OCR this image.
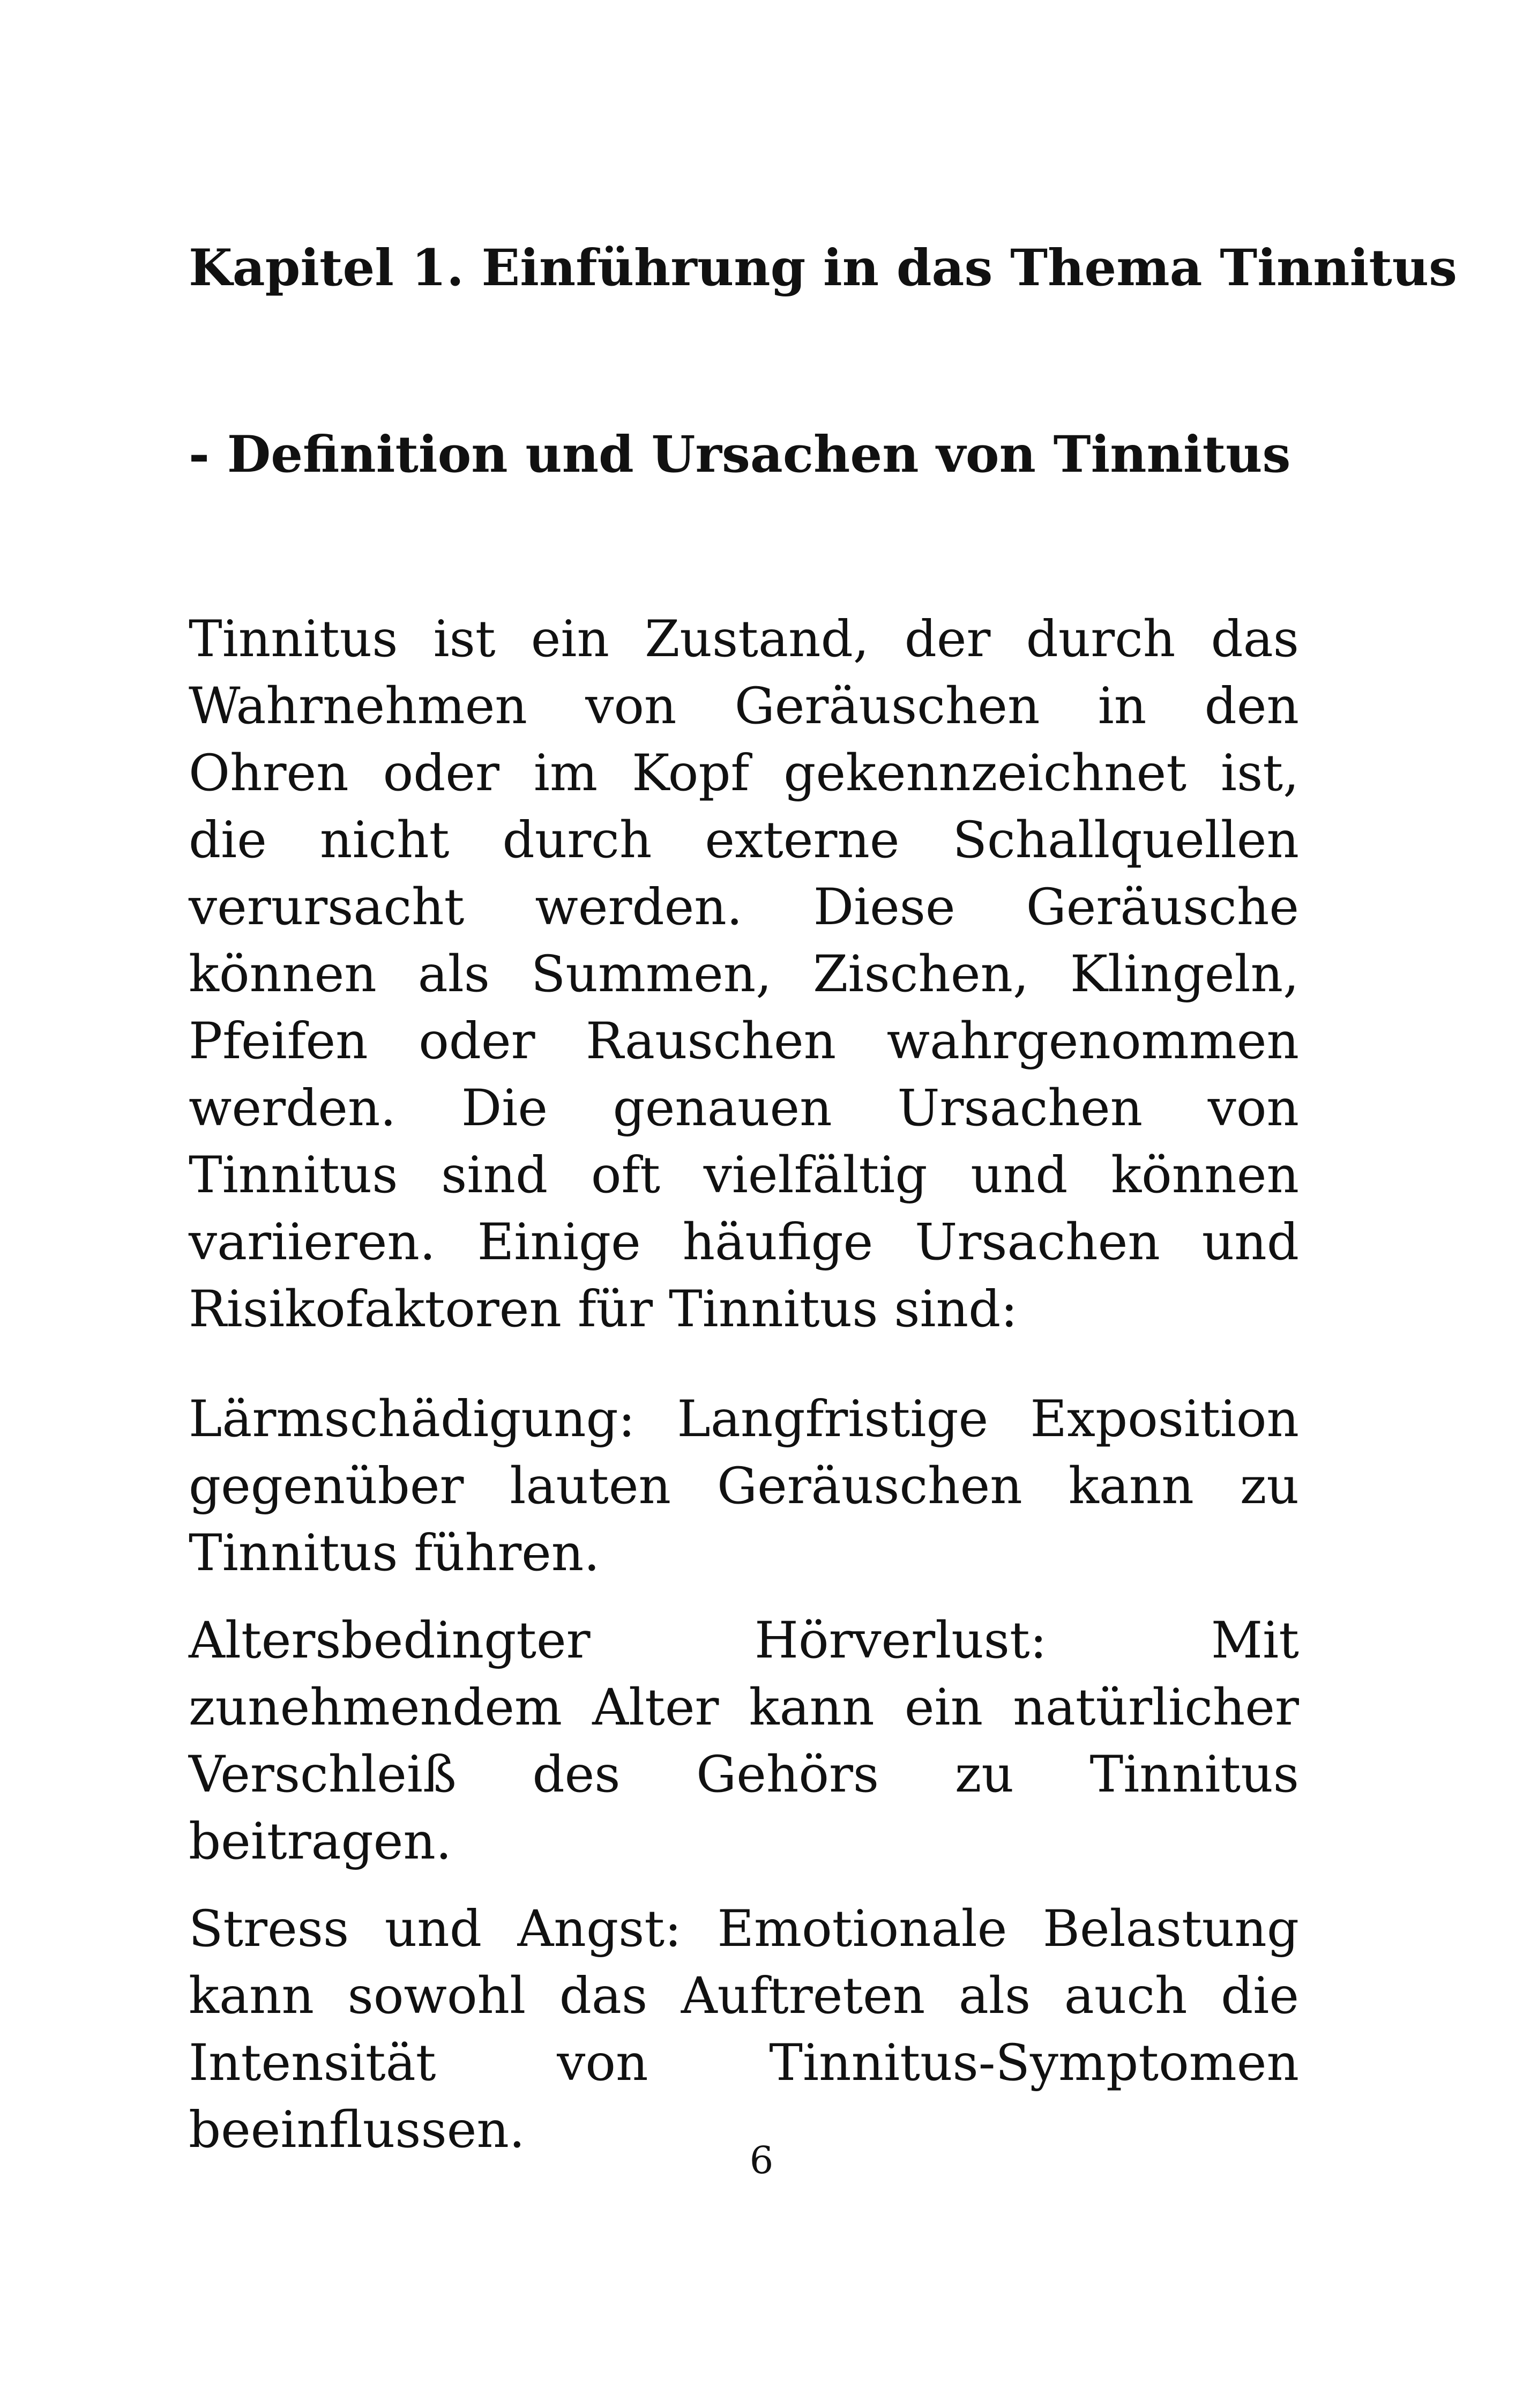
Kapitel 1. Einführung in das Thema Tinnitus
- Definition und Ursachen von Tinnitus

Tinnitus ist ein Zustand, der durch das Wahrnehmen von Geräuschen in den Ohren oder im Kopf gekennzeichnet ist, die nicht durch externe Schallquellen verursacht werden. Diese Geräusche können als Summen, Zischen, Klingeln, Pfeifen oder Rauschen wahrgenommen werden. Die genauen Ursachen von Tinnitus sind oft vielfältig und können variieren. Einige häufige Ursachen und Risikofaktoren für Tinnitus sind:

Lärmschädigung: Langfristige Exposition gegenüber lauten Geräuschen kann zu Tinnitus führen.
Altersbedingter Hörverlust: Mit zunehmendem Alter kann ein natürlicher Verschleiß des Gehörs zu Tinnitus beitragen.
Stress und Angst: Emotionale Belastung kann sowohl das Auftreten als auch die Intensität von Tinnitus-Symptomen beeinflussen.
6
